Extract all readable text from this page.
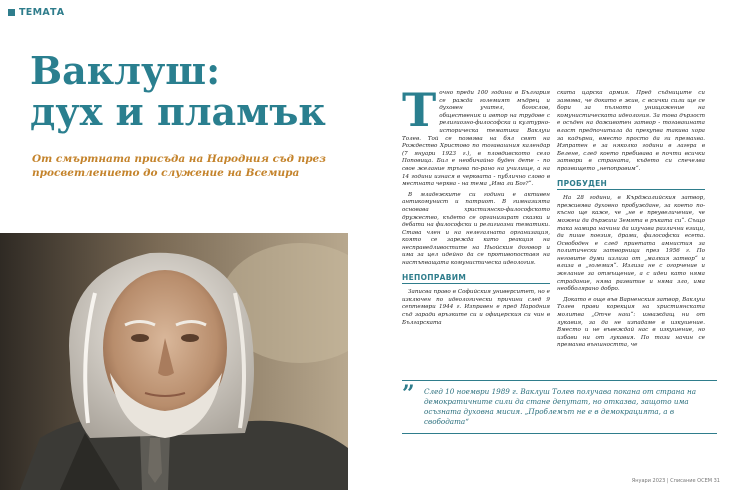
ТЕМАТА
Ваклуш:
дух и пламък

От смъртната присъда на Народния съд през просветлението до служение на Всемира

Т очно преди 100 години в България се ражда големият мъдрец и духовен учител, богослов, общественик и автор на трудове с религиозно-философска и културно-историческа тематика Ваклуш Толев. Той се появява на бял свят на Рождество Христово по тогавашния календар (7 януари 1923 г.), в пловдивското село Поповица. Бил е необичайно буден дете - по свое желание тръгва по-рано на училище, а на 14 години изнася в черквата - публично слово в местната черква - на тема „Има ли Бог?“.

В младежките си години е активен антикомунист и патриот. В гимназията основава християнско-философското дружество, където се организират сказки и дебати на философски и религиозни тематики. Става член и на нелегалната организация, която се зарежда като реакция на несправедливостите на Ньойския договор и има за цел идейно да се противопоставя на настъпващата комунистическа идеология.

НЕПОПРАВИМ

Записва право в Софийския университет, но е изключен по идеологически причини след 9 септември 1944 г. Изправен е пред Народния съд заради връзките си и офицерския си чин в Българската

ската царска армия. Пред съдниците си заявява, че докато е жив, с всички сили ще се бори за пълното унищожение на комунистическата идеология. За това дързост е осъден на доживотен затвор - тогавашната власт предпочитала да прекупва такива хора за кадърни, вместо просто да ги премахва. Изпратен е за няколко години в лагера в Белене, след което пребивава в почти всички затвори в страната, където си спечелва прозвището „непоправим“.

ПРОБУДЕН

На 28 години, в Кърджалийския затвор, преживява духовно пробуждане, за което по-късно ще каже, че „не е преувеличение, че можеш да държиш Земята в ръката си“. Също така намира начини да изучава различни езици, да пише поезия, драми, философски есета. Освободен е след приетата амнистия за политически затворници през 1956 г. По неговите думи излиза от „малкия затвор“ и влиза в „големия“. Излиза не с огорчение и желание за отмъщение, а с идеи като няма страдание, няма развитие и няма зло, има необболярано добро.

Докато е още във Варненския затвор, Ваклуш Толев прави корекция на християнската молитва „Отче наш“: изваждащ ни от лукавия, за да не изпадаме в изкушение. Вместо и не въвеждай нас в изкушение, но избави ни от лукавия. По този начин се премахва външността, че

” След 10 ноември 1989 г. Ваклуш Толев получава покана от страна на демократичните сили да стане депутат, но отказва, защото има осъзната духовна мисия. „Проблемът не е в демокрацията, а в свободата“

Януари 2023 | Списание ОСЕМ 31
